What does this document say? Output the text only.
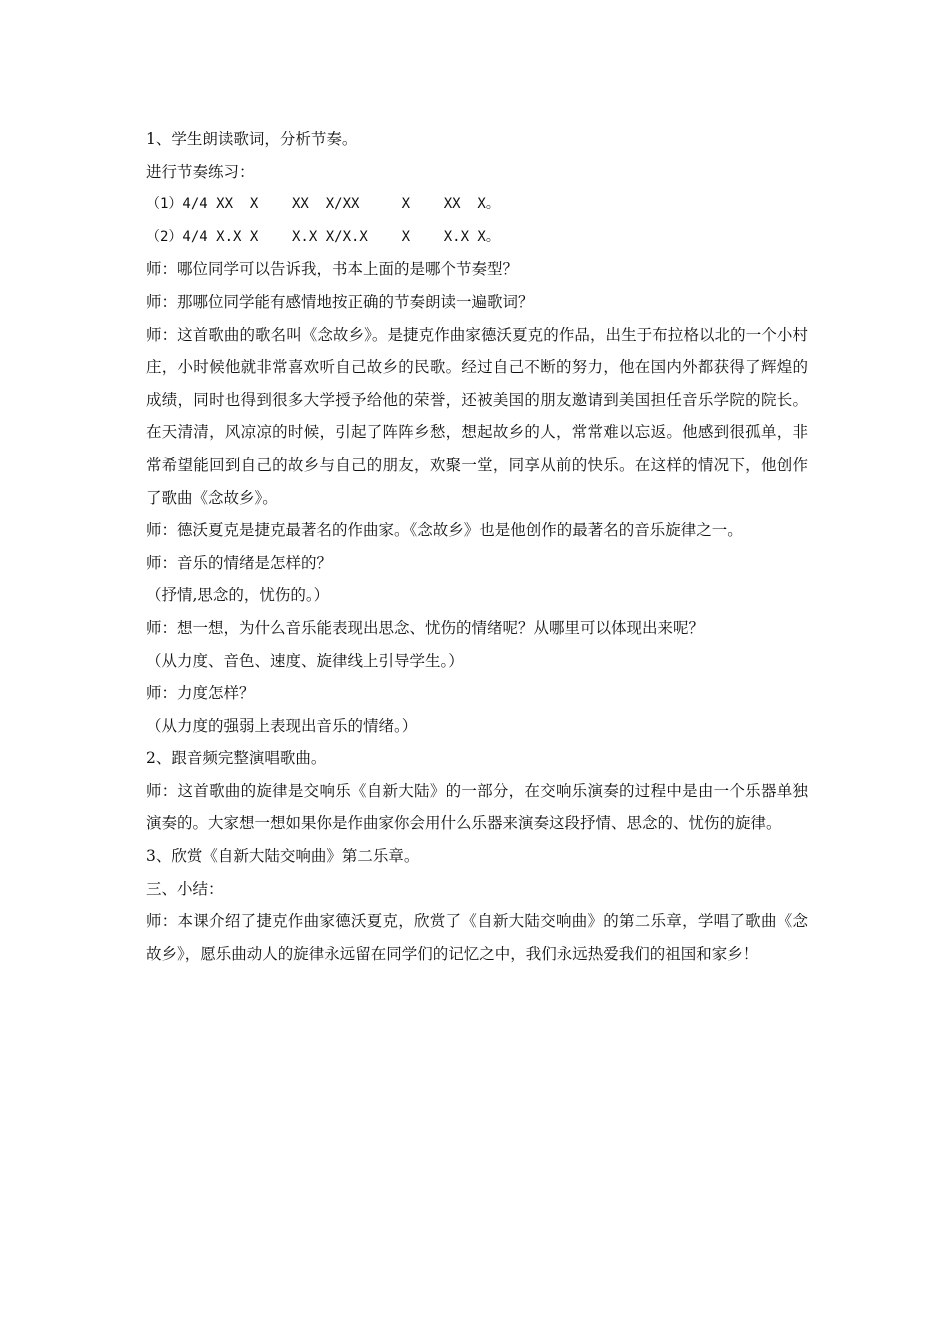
1、学生朗读歌词，分析节奏。
进行节奏练习：
（1）4/4 XX  X    XX  X/XX     X    XX  X。
（2）4/4 X.X X    X.X X/X.X    X    X.X X。
师：哪位同学可以告诉我，书本上面的是哪个节奏型？
师：那哪位同学能有感情地按正确的节奏朗读一遍歌词？
师：这首歌曲的歌名叫《念故乡》。是捷克作曲家德沃夏克的作品，出生于布拉格以北的一个小村庄，小时候他就非常喜欢听自己故乡的民歌。经过自己不断的努力，他在国内外都获得了辉煌的成绩，同时也得到很多大学授予给他的荣誉，还被美国的朋友邀请到美国担任音乐学院的院长。在天清清，风凉凉的时候，引起了阵阵乡愁，想起故乡的人，常常难以忘返。他感到很孤单，非常希望能回到自己的故乡与自己的朋友，欢聚一堂，同享从前的快乐。在这样的情况下，他创作了歌曲《念故乡》。
师：德沃夏克是捷克最著名的作曲家。《念故乡》也是他创作的最著名的音乐旋律之一。
师：音乐的情绪是怎样的？
（抒情,思念的，忧伤的。）
师：想一想，为什么音乐能表现出思念、忧伤的情绪呢？从哪里可以体现出来呢？
（从力度、音色、速度、旋律线上引导学生。）
师：力度怎样？
（从力度的强弱上表现出音乐的情绪。）
2、跟音频完整演唱歌曲。
师：这首歌曲的旋律是交响乐《自新大陆》的一部分，在交响乐演奏的过程中是由一个乐器单独演奏的。大家想一想如果你是作曲家你会用什么乐器来演奏这段抒情、思念的、忧伤的旋律。
3、欣赏《自新大陆交响曲》第二乐章。
三、小结：
师：本课介绍了捷克作曲家德沃夏克，欣赏了《自新大陆交响曲》的第二乐章，学唱了歌曲《念故乡》，愿乐曲动人的旋律永远留在同学们的记忆之中，我们永远热爱我们的祖国和家乡！
